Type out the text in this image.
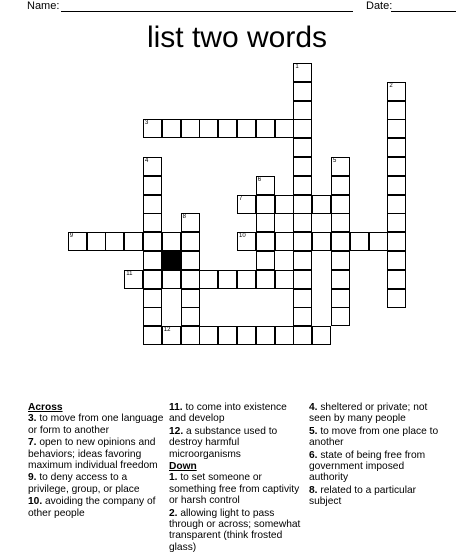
Name:	Date:
list two words
1
2
3
4	5
6
7
8
9	10
11
12
Across
3. to move from one language or form to another
7. open to new opinions and behaviors; ideas favoring maximum individual freedom
9. to deny access to a privilege, group, or place
10. avoiding the company of other people
11. to come into existence and develop
12. a substance used to destroy harmful microorganisms
Down
1. to set someone or something free from captivity or harsh control
2. allowing light to pass through or across; somewhat transparent (think frosted glass)
4. sheltered or private; not seen by many people
5. to move from one place to another
6. state of being free from government imposed authority
8. related to a particular subject
